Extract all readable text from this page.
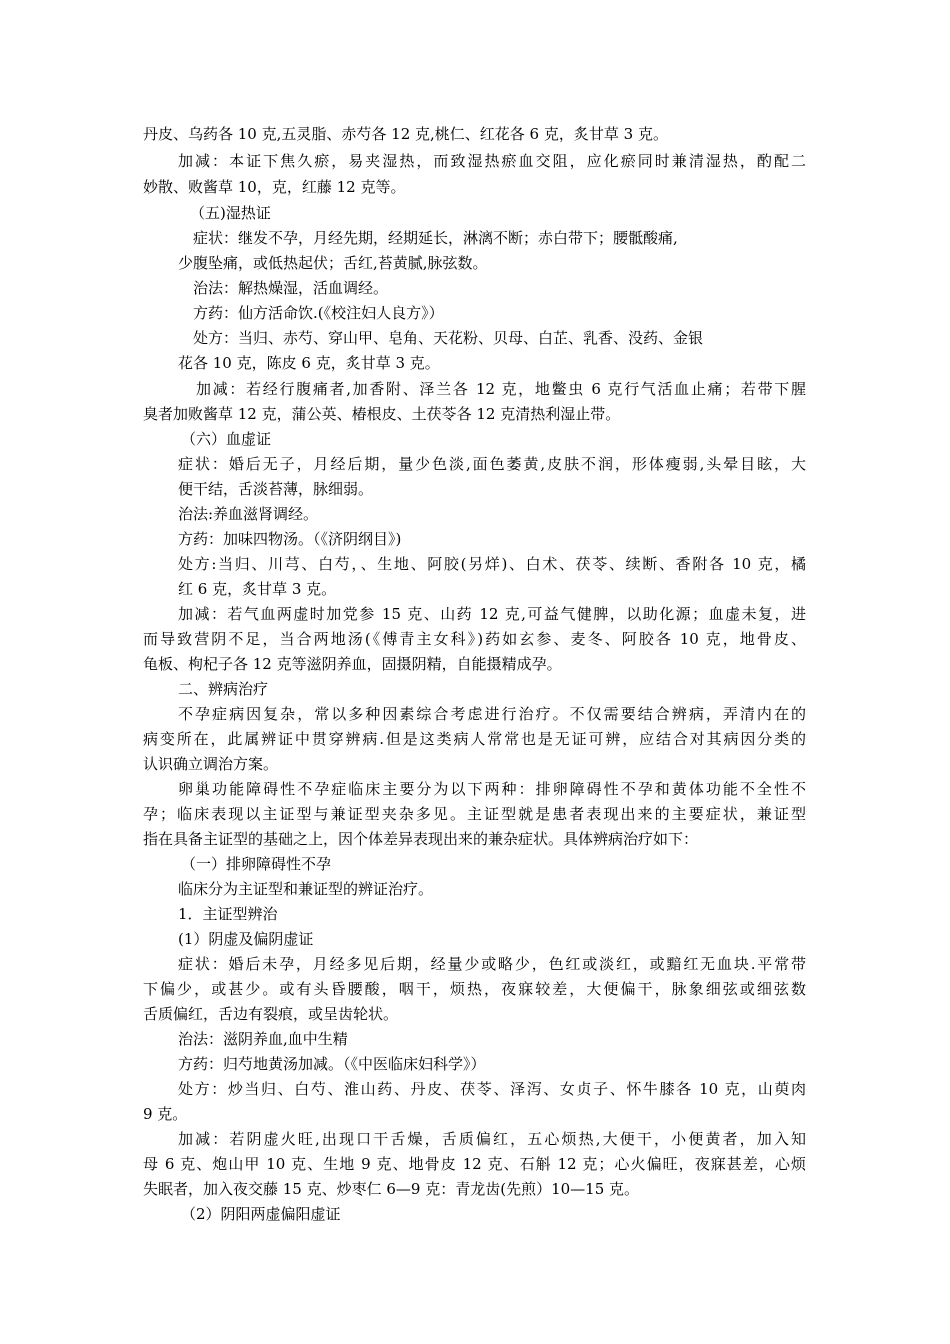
丹皮、乌药各 10 克,五灵脂、赤芍各 12 克,桃仁、红花各 6 克，炙甘草 3 克。
加减：本证下焦久瘀，易夹湿热，而致湿热瘀血交阻，应化瘀同时兼清湿热，酌配二
妙散、败酱草 10，克，红藤 12 克等。
（五)湿热证
症状：继发不孕，月经先期，经期延长，淋漓不断；赤白带下；腰骶酸痛,
少腹坠痛，或低热起伏；舌红,苔黄腻,脉弦数。
治法：解热燥湿，活血调经。
方药：仙方活命饮.(《校注妇人良方》）
处方：当归、赤芍、穿山甲、皂角、天花粉、贝母、白芷、乳香、没药、金银
花各 10 克，陈皮 6 克，炙甘草 3 克。
加减：若经行腹痛者,加香附、泽兰各 12 克，地鳖虫 6 克行气活血止痛；若带下腥
臭者加败酱草 12 克，蒲公英、椿根皮、土茯苓各 12 克清热利湿止带。
（六）血虚证
症状：婚后无子，月经后期，量少色淡,面色萎黄,皮肤不润，形体瘦弱,头晕目眩，大
便干结，舌淡苔薄，脉细弱。
治法:养血滋肾调经。
方药：加味四物汤。（《济阴纲目》)
处方:当归、川芎、白芍，、生地、阿胶(另烊)、白术、茯苓、续断、香附各 10 克，橘
红 6 克，炙甘草 3 克。
加减：若气血两虚时加党参 15 克、山药 12 克,可益气健脾，以助化源；血虚未复，进
而导致营阴不足，当合两地汤(《傅青主女科》)药如玄参、麦冬、阿胶各 10 克，地骨皮、
龟板、枸杞子各 12 克等滋阴养血，固摄阴精，自能摄精成孕。
二、辨病治疗
不孕症病因复杂，常以多种因素综合考虑进行治疗。不仅需要结合辨病，弄清内在的
病变所在，此属辨证中贯穿辨病.但是这类病人常常也是无证可辨，应结合对其病因分类的
认识确立调治方案。
卵巢功能障碍性不孕症临床主要分为以下两种：排卵障碍性不孕和黄体功能不全性不
孕；临床表现以主证型与兼证型夹杂多见。主证型就是患者表现出来的主要症状，兼证型
指在具备主证型的基础之上，因个体差异表现出来的兼杂症状。具体辨病治疗如下：
（一）排卵障碍性不孕
临床分为主证型和兼证型的辨证治疗。
1．主证型辨治
(1）阴虚及偏阴虚证
症状：婚后未孕，月经多见后期，经量少或略少，色红或淡红，或黯红无血块.平常带
下偏少，或甚少。或有头昏腰酸，咽干，烦热，夜寐较差，大便偏干，脉象细弦或细弦数
舌质偏红，舌边有裂痕，或呈齿轮状。
治法：滋阴养血,血中生精
方药：归芍地黄汤加减。（《中医临床妇科学》）
处方：炒当归、白芍、淮山药、丹皮、茯苓、泽泻、女贞子、怀牛膝各 10 克，山萸肉
9 克。
加减：若阴虚火旺,出现口干舌燥，舌质偏红，五心烦热,大便干，小便黄者，加入知
母 6 克、炮山甲 10 克、生地 9 克、地骨皮 12 克、石斛 12 克；心火偏旺，夜寐甚差，心烦
失眠者，加入夜交藤 15 克、炒枣仁 6—9 克：青龙齿(先煎）10—15 克。
（2）阴阳两虚偏阳虚证
